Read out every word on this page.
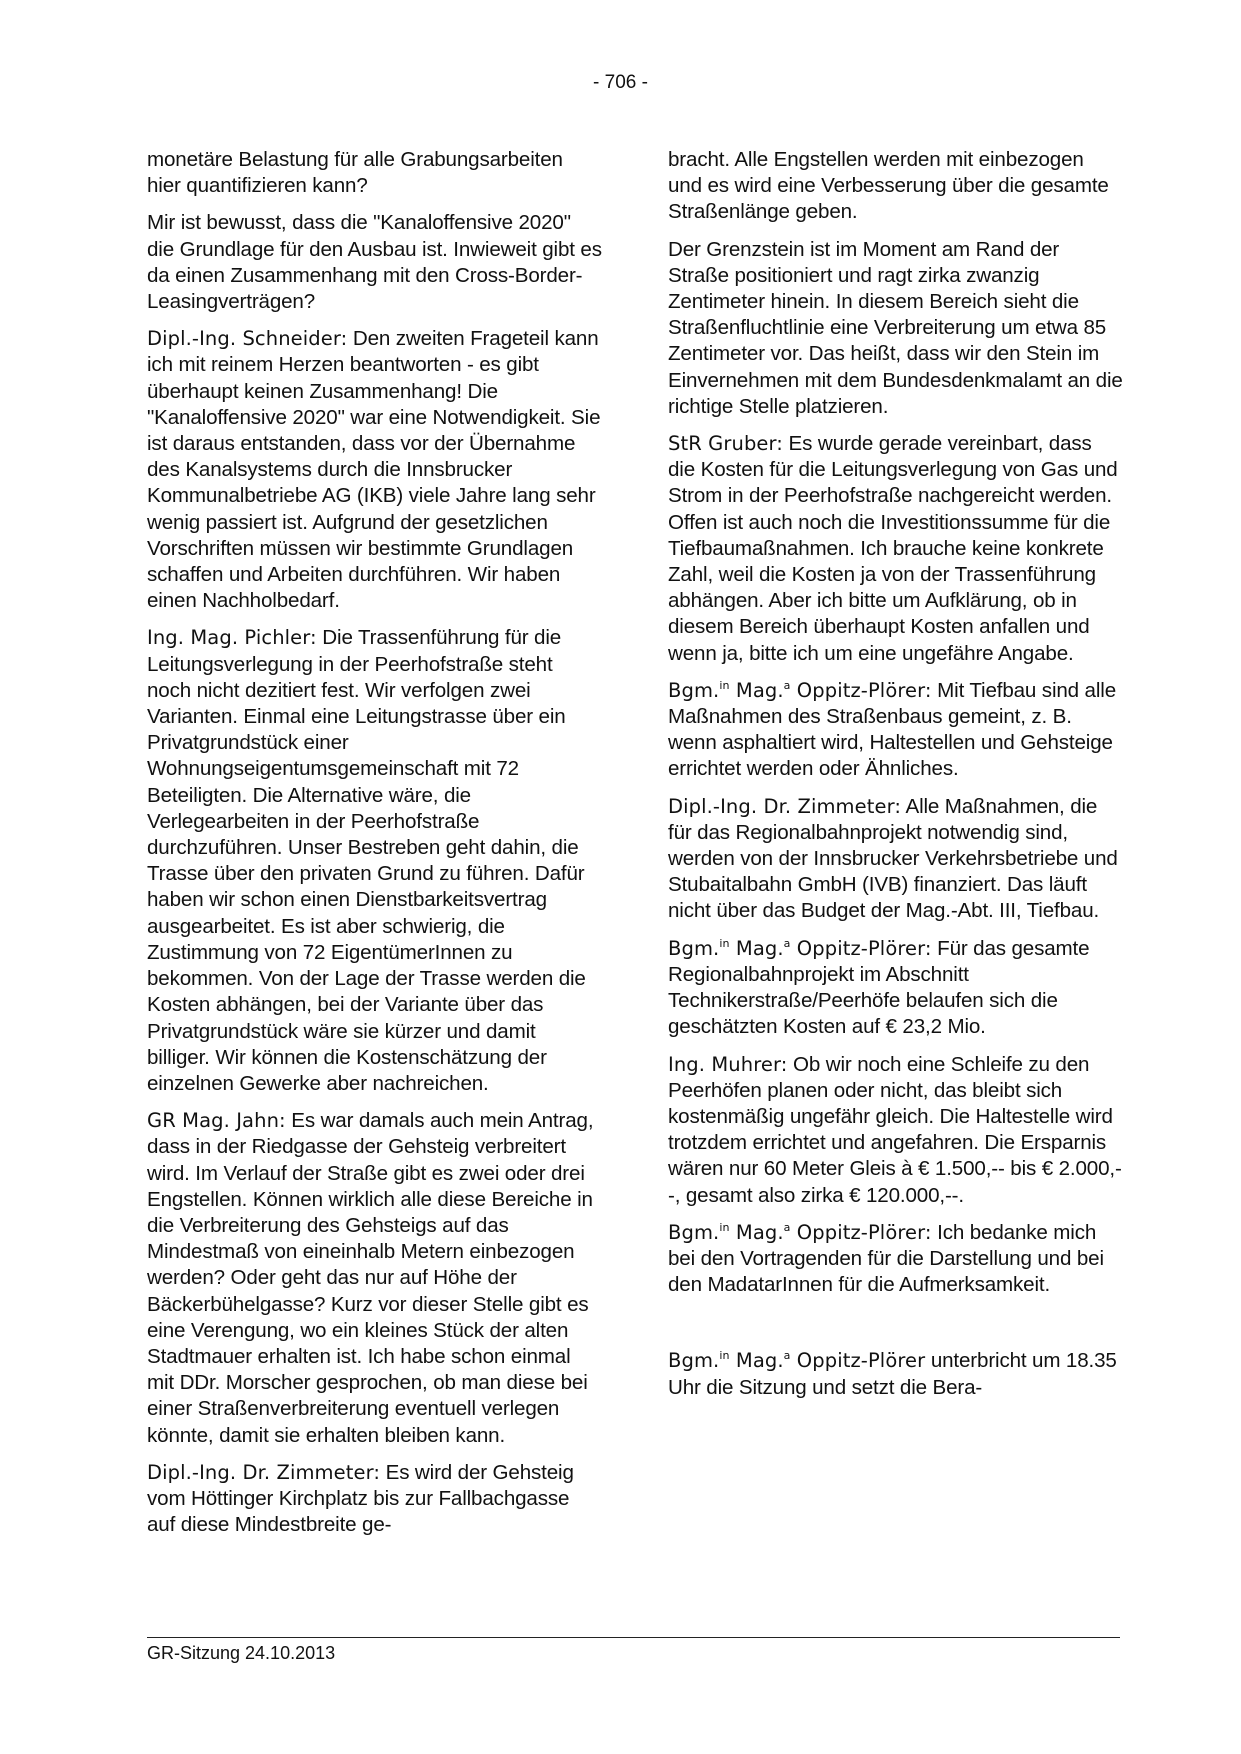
- 706 -

monetäre Belastung für alle Grabungsarbeiten hier quantifizieren kann?

Mir ist bewusst, dass die "Kanaloffensive 2020" die Grundlage für den Ausbau ist. Inwieweit gibt es da einen Zusammenhang mit den Cross-Border-Leasingverträgen?

Dipl.-Ing. Schneider: Den zweiten Frageteil kann ich mit reinem Herzen beantworten - es gibt überhaupt keinen Zusammenhang! Die "Kanaloffensive 2020" war eine Notwendigkeit. Sie ist daraus entstanden, dass vor der Übernahme des Kanalsystems durch die Innsbrucker Kommunalbetriebe AG (IKB) viele Jahre lang sehr wenig passiert ist. Aufgrund der gesetzlichen Vorschriften müssen wir bestimmte Grundlagen schaffen und Arbeiten durchführen. Wir haben einen Nachholbedarf.

Ing. Mag. Pichler: Die Trassenführung für die Leitungsverlegung in der Peerhofstraße steht noch nicht dezitiert fest. Wir verfolgen zwei Varianten. Einmal eine Leitungstrasse über ein Privatgrundstück einer Wohnungseigentumsgemeinschaft mit 72 Beteiligten. Die Alternative wäre, die Verlegearbeiten in der Peerhofstraße durchzuführen. Unser Bestreben geht dahin, die Trasse über den privaten Grund zu führen. Dafür haben wir schon einen Dienstbarkeitsvertrag ausgearbeitet. Es ist aber schwierig, die Zustimmung von 72 EigentümerInnen zu bekommen. Von der Lage der Trasse werden die Kosten abhängen, bei der Variante über das Privatgrundstück wäre sie kürzer und damit billiger. Wir können die Kostenschätzung der einzelnen Gewerke aber nachreichen.

GR Mag. Jahn: Es war damals auch mein Antrag, dass in der Riedgasse der Gehsteig verbreitert wird. Im Verlauf der Straße gibt es zwei oder drei Engstellen. Können wirklich alle diese Bereiche in die Verbreiterung des Gehsteigs auf das Mindestmaß von eineinhalb Metern einbezogen werden? Oder geht das nur auf Höhe der Bäckerbühelgasse? Kurz vor dieser Stelle gibt es eine Verengung, wo ein kleines Stück der alten Stadtmauer erhalten ist. Ich habe schon einmal mit DDr. Morscher gesprochen, ob man diese bei einer Straßenverbreiterung eventuell verlegen könnte, damit sie erhalten bleiben kann.

Dipl.-Ing. Dr. Zimmeter: Es wird der Gehsteig vom Höttinger Kirchplatz bis zur Fallbachgasse auf diese Mindestbreite ge-

bracht. Alle Engstellen werden mit einbezogen und es wird eine Verbesserung über die gesamte Straßenlänge geben.

Der Grenzstein ist im Moment am Rand der Straße positioniert und ragt zirka zwanzig Zentimeter hinein. In diesem Bereich sieht die Straßenfluchtlinie eine Verbreiterung um etwa 85 Zentimeter vor. Das heißt, dass wir den Stein im Einvernehmen mit dem Bundesdenkmalamt an die richtige Stelle platzieren.

StR Gruber: Es wurde gerade vereinbart, dass die Kosten für die Leitungsverlegung von Gas und Strom in der Peerhofstraße nachgereicht werden. Offen ist auch noch die Investitionssumme für die Tiefbaumaßnahmen. Ich brauche keine konkrete Zahl, weil die Kosten ja von der Trassenführung abhängen. Aber ich bitte um Aufklärung, ob in diesem Bereich überhaupt Kosten anfallen und wenn ja, bitte ich um eine ungefähre Angabe.

Bgm.$^{in}$ Mag.$^a$ Oppitz-Plörer: Mit Tiefbau sind alle Maßnahmen des Straßenbaus gemeint, z. B. wenn asphaltiert wird, Haltestellen und Gehsteige errichtet werden oder Ähnliches.

Dipl.-Ing. Dr. Zimmeter: Alle Maßnahmen, die für das Regionalbahnprojekt notwendig sind, werden von der Innsbrucker Verkehrsbetriebe und Stubaitalbahn GmbH (IVB) finanziert. Das läuft nicht über das Budget der Mag.-Abt. III, Tiefbau.

Bgm.$^{in}$ Mag.$^a$ Oppitz-Plörer: Für das gesamte Regionalbahnprojekt im Abschnitt Technikerstraße/Peerhöfe belaufen sich die geschätzten Kosten auf € 23,2 Mio.

Ing. Muhrer: Ob wir noch eine Schleife zu den Peerhöfen planen oder nicht, das bleibt sich kostenmäßig ungefähr gleich. Die Haltestelle wird trotzdem errichtet und angefahren. Die Ersparnis wären nur 60 Meter Gleis à € 1.500,-- bis € 2.000,--, gesamt also zirka € 120.000,--.

Bgm.$^{in}$ Mag.$^a$ Oppitz-Plörer: Ich bedanke mich bei den Vortragenden für die Darstellung und bei den MadatarInnen für die Aufmerksamkeit.

Bgm.$^{in}$ Mag.$^a$ Oppitz-Plörer unterbricht um 18.35 Uhr die Sitzung und setzt die Bera-

GR-Sitzung 24.10.2013
